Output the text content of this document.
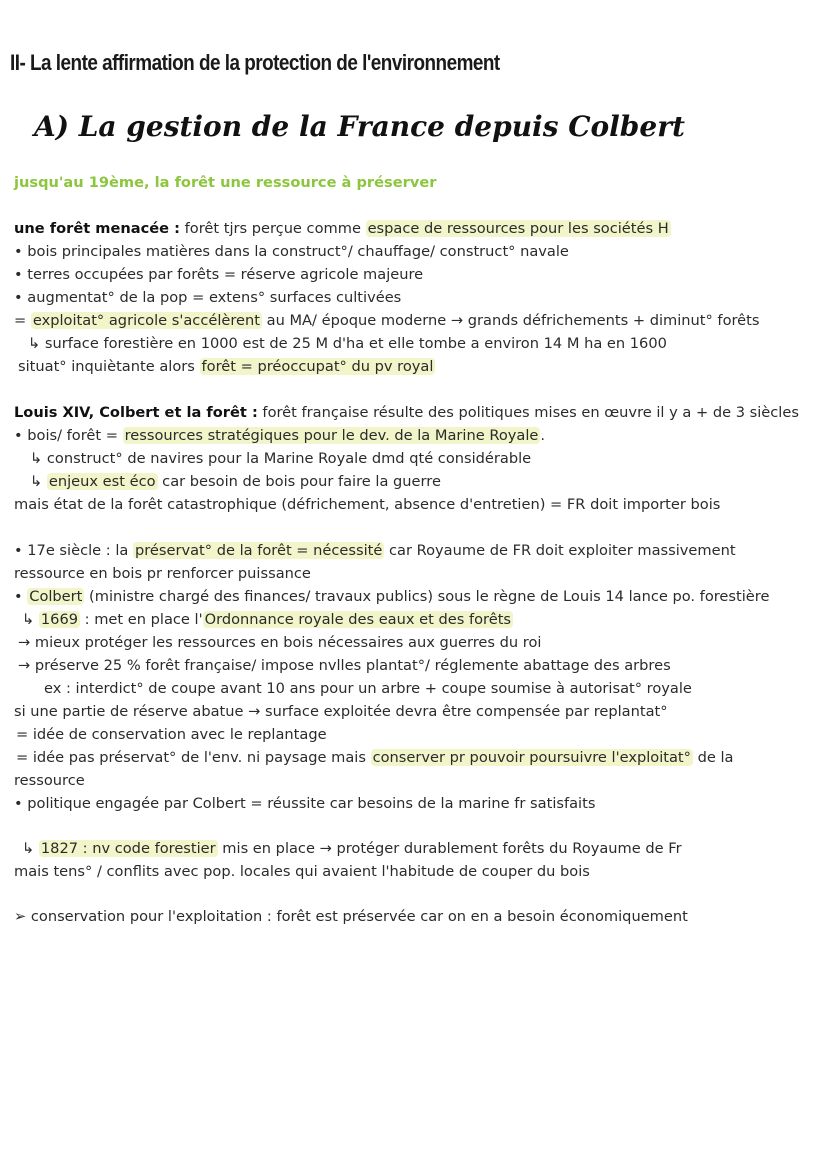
II- La lente affirmation de la protection de l'environnement
A) La gestion de la France depuis Colbert
jusqu'au 19ème, la forêt une ressource à préserver
une forêt menacée : forêt tjrs perçue comme espace de ressources pour les sociétés H
• bois principales matières dans la construct°/ chauffage/ construct° navale
• terres occupées par forêts = réserve agricole majeure
• augmentat° de la pop = extens° surfaces cultivées
= exploitat° agricole s'accélèrent au MA/ époque moderne → grands défrichements + diminut° forêts
↳ surface forestière en 1000 est de 25 M d'ha et elle tombe a environ 14 M ha en 1600
situat° inquiètante alors forêt = préoccupat° du pv royal
Louis XIV, Colbert et la forêt : forêt française résulte des politiques mises en œuvre il y a + de 3 siècles
• bois/ forêt = ressources stratégiques pour le dev. de la Marine Royale .
↳ construct° de navires pour la Marine Royale dmd qté considérable
↳ enjeux est éco car besoin de bois pour faire la guerre
mais état de la forêt catastrophique (défrichement, absence d'entretien) = FR doit importer bois
• 17e siècle : la préservat° de la forêt = nécessité car Royaume de FR doit exploiter massivement
ressource en bois pr renforcer puissance
• Colbert (ministre chargé des finances/ travaux publics) sous le règne de Louis 14 lance po. forestière
↳ 1669 : met en place l' Ordonnance royale des eaux et des forêts
→ mieux protéger les ressources en bois nécessaires aux guerres du roi
→ préserve 25 % forêt française/ impose nvlles plantat°/ réglemente abattage des arbres
ex : interdict° de coupe avant 10 ans pour un arbre + coupe soumise à autorisat° royale
si une partie de réserve abatue → surface exploitée devra être compensée par replantat°
= idée de conservation avec le replantage
= idée pas préservat° de l'env. ni paysage mais conserver pr pouvoir poursuivre l'exploitat° de la
ressource
• politique engagée par Colbert = réussite car besoins de la marine fr satisfaits
↳ 1827 : nv code forestier mis en place → protéger durablement forêts du Royaume de Fr
mais tens° / conflits avec pop. locales qui avaient l'habitude de couper du bois
➢ conservation pour l'exploitation : forêt est préservée car on en a besoin économiquement
